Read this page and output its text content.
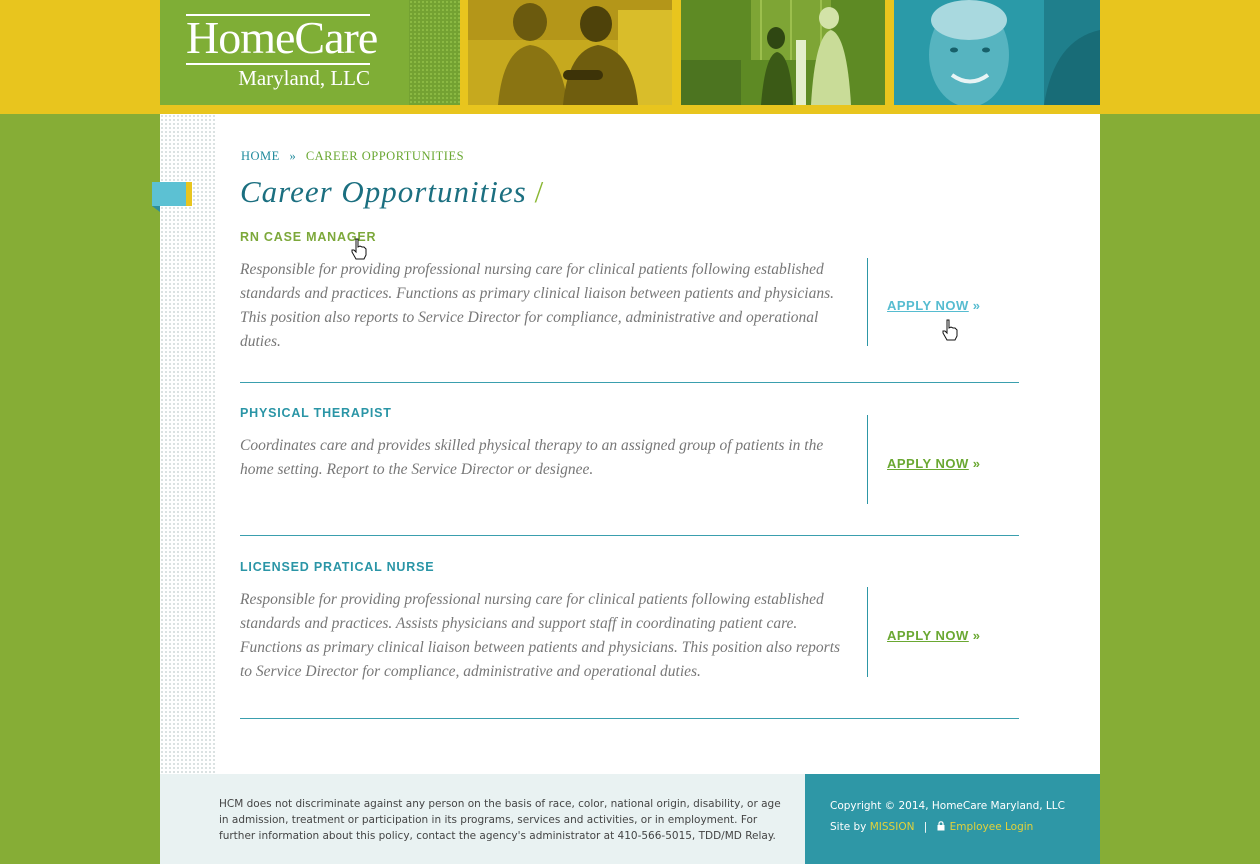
HomeCare
Maryland, LLC
HOME » CAREER OPPORTUNITIES
Career Opportunities /
RN CASE MANAGER
Responsible for providing professional nursing care for clinical patients following established standards and practices. Functions as primary clinical liaison between patients and physicians. This position also reports to Service Director for compliance, administrative and operational duties.
APPLY NOW »
PHYSICAL THERAPIST
Coordinates care and provides skilled physical therapy to an assigned group of patients in the home setting. Report to the Service Director or designee.	APPLY NOW »
LICENSED PRATICAL NURSE
Responsible for providing professional nursing care for clinical patients following established standards and practices. Assists physicians and support staff in coordinating patient care. Functions as primary clinical liaison between patients and physicians. This position also reports to Service Director for compliance, administrative and operational duties.
APPLY NOW »
HCM does not discriminate against any person on the basis of race, color, national origin, disability, or age in admission, treatment or participation in its programs, services and activities, or in employment. For further information about this policy, contact the agency's administrator at 410-566-5015, TDD/MD Relay.
Copyright © 2014, HomeCare Maryland, LLC
Site by MISSION | Employee Login
